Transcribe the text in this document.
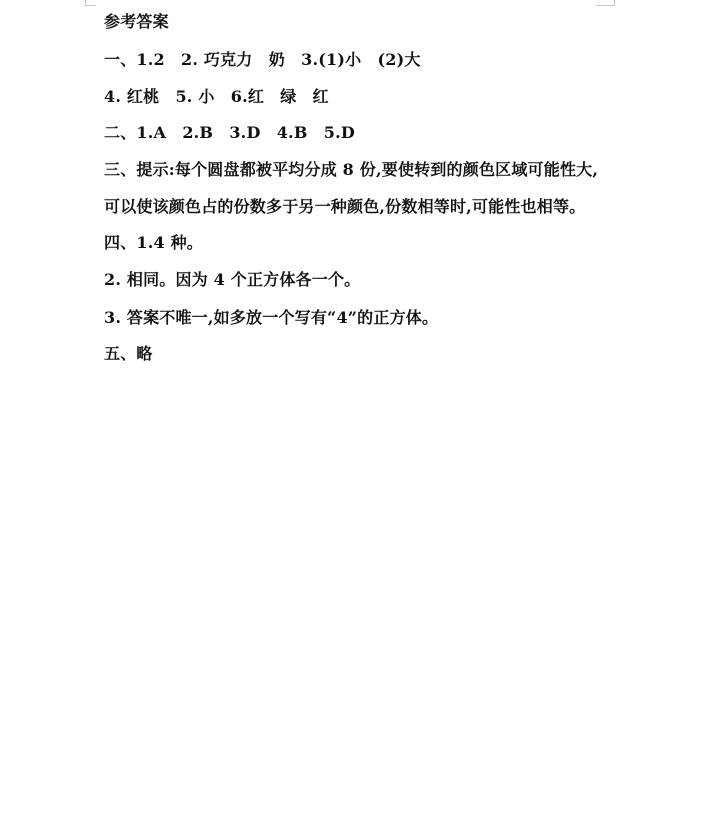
参考答案
一、1.2　2. 巧克力　奶　3.(1)小　(2)大
4. 红桃　5. 小　6.红　绿　红
二、1.A　2.B　3.D　4.B　5.D
三、提示:每个圆盘都被平均分成 8 份,要使转到的颜色区域可能性大,
可以使该颜色占的份数多于另一种颜色,份数相等时,可能性也相等。
四、1.4 种。
2. 相同。因为 4 个正方体各一个。
3. 答案不唯一,如多放一个写有“4”的正方体。
五、略
